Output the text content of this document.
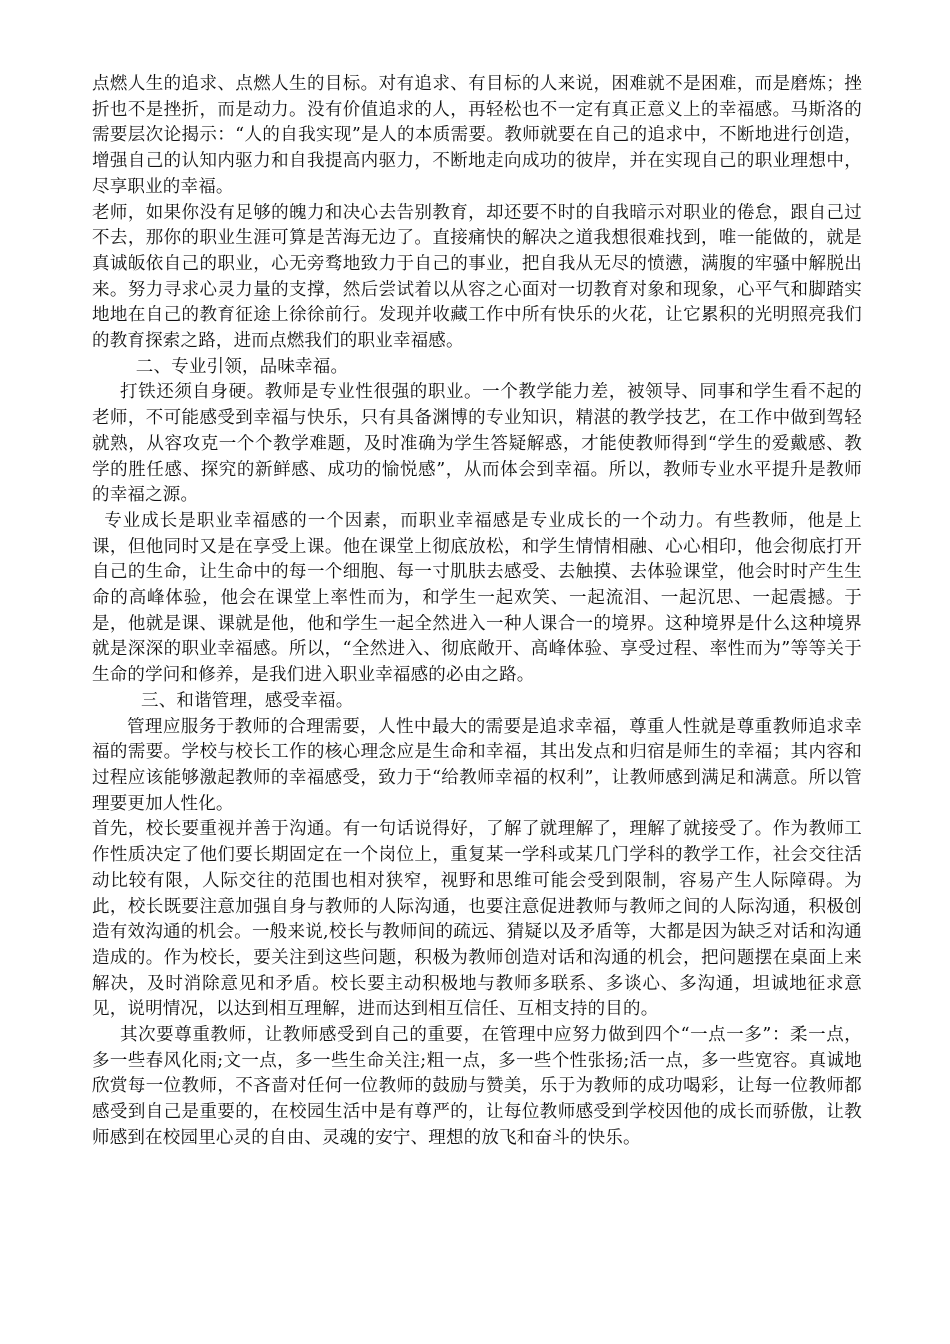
点燃人生的追求、点燃人生的目标。对有追求、有目标的人来说，困难就不是困难，而是磨炼；挫折也不是挫折，而是动力。没有价值追求的人，再轻松也不一定有真正意义上的幸福感。马斯洛的需要层次论揭示：“人的自我实现”是人的本质需要。教师就要在自己的追求中，不断地进行创造，增强自己的认知内驱力和自我提高内驱力，不断地走向成功的彼岸，并在实现自己的职业理想中，尽享职业的幸福。

老师，如果你没有足够的魄力和决心去告别教育，却还要不时的自我暗示对职业的倦怠，跟自己过不去，那你的职业生涯可算是苦海无边了。直接痛快的解决之道我想很难找到，唯一能做的，就是真诚皈依自己的职业，心无旁骛地致力于自己的事业，把自我从无尽的愤懑，满腹的牢骚中解脱出来。努力寻求心灵力量的支撑，然后尝试着以从容之心面对一切教育对象和现象，心平气和脚踏实地地在自己的教育征途上徐徐前行。发现并收藏工作中所有快乐的火花，让它累积的光明照亮我们的教育探索之路，进而点燃我们的职业幸福感。

二、专业引领，品味幸福。

打铁还须自身硬。教师是专业性很强的职业。一个教学能力差，被领导、同事和学生看不起的老师，不可能感受到幸福与快乐，只有具备渊博的专业知识，精湛的教学技艺，在工作中做到驾轻就熟，从容攻克一个个教学难题，及时准确为学生答疑解惑，才能使教师得到“学生的爱戴感、教学的胜任感、探究的新鲜感、成功的愉悦感”，从而体会到幸福。所以，教师专业水平提升是教师的幸福之源。

专业成长是职业幸福感的一个因素，而职业幸福感是专业成长的一个动力。有些教师，他是上课，但他同时又是在享受上课。他在课堂上彻底放松，和学生情情相融、心心相印，他会彻底打开自己的生命，让生命中的每一个细胞、每一寸肌肤去感受、去触摸、去体验课堂，他会时时产生生命的高峰体验，他会在课堂上率性而为，和学生一起欢笑、一起流泪、一起沉思、一起震撼。于是，他就是课、课就是他，他和学生一起全然进入一种人课合一的境界。这种境界是什么这种境界就是深深的职业幸福感。所以，“全然进入、彻底敞开、高峰体验、享受过程、率性而为”等等关于生命的学问和修养，是我们进入职业幸福感的必由之路。

三、和谐管理，感受幸福。

管理应服务于教师的合理需要，人性中最大的需要是追求幸福，尊重人性就是尊重教师追求幸福的需要。学校与校长工作的核心理念应是生命和幸福，其出发点和归宿是师生的幸福；其内容和过程应该能够激起教师的幸福感受，致力于“给教师幸福的权利”，让教师感到满足和满意。所以管理要更加人性化。

首先，校长要重视并善于沟通。有一句话说得好，了解了就理解了，理解了就接受了。作为教师工作性质决定了他们要长期固定在一个岗位上，重复某一学科或某几门学科的教学工作，社会交往活动比较有限，人际交往的范围也相对狭窄，视野和思维可能会受到限制，容易产生人际障碍。为此，校长既要注意加强自身与教师的人际沟通，也要注意促进教师与教师之间的人际沟通，积极创造有效沟通的机会。一般来说,校长与教师间的疏远、猜疑以及矛盾等，大都是因为缺乏对话和沟通造成的。作为校长，要关注到这些问题，积极为教师创造对话和沟通的机会，把问题摆在桌面上来解决，及时消除意见和矛盾。校长要主动积极地与教师多联系、多谈心、多沟通，坦诚地征求意见，说明情况，以达到相互理解，进而达到相互信任、互相支持的目的。

其次要尊重教师，让教师感受到自己的重要，在管理中应努力做到四个“一点一多”：柔一点，多一些春风化雨;文一点，多一些生命关注;粗一点，多一些个性张扬;活一点，多一些宽容。真诚地欣赏每一位教师，不吝啬对任何一位教师的鼓励与赞美，乐于为教师的成功喝彩，让每一位教师都感受到自己是重要的，在校园生活中是有尊严的，让每位教师感受到学校因他的成长而骄傲，让教师感到在校园里心灵的自由、灵魂的安宁、理想的放飞和奋斗的快乐。
